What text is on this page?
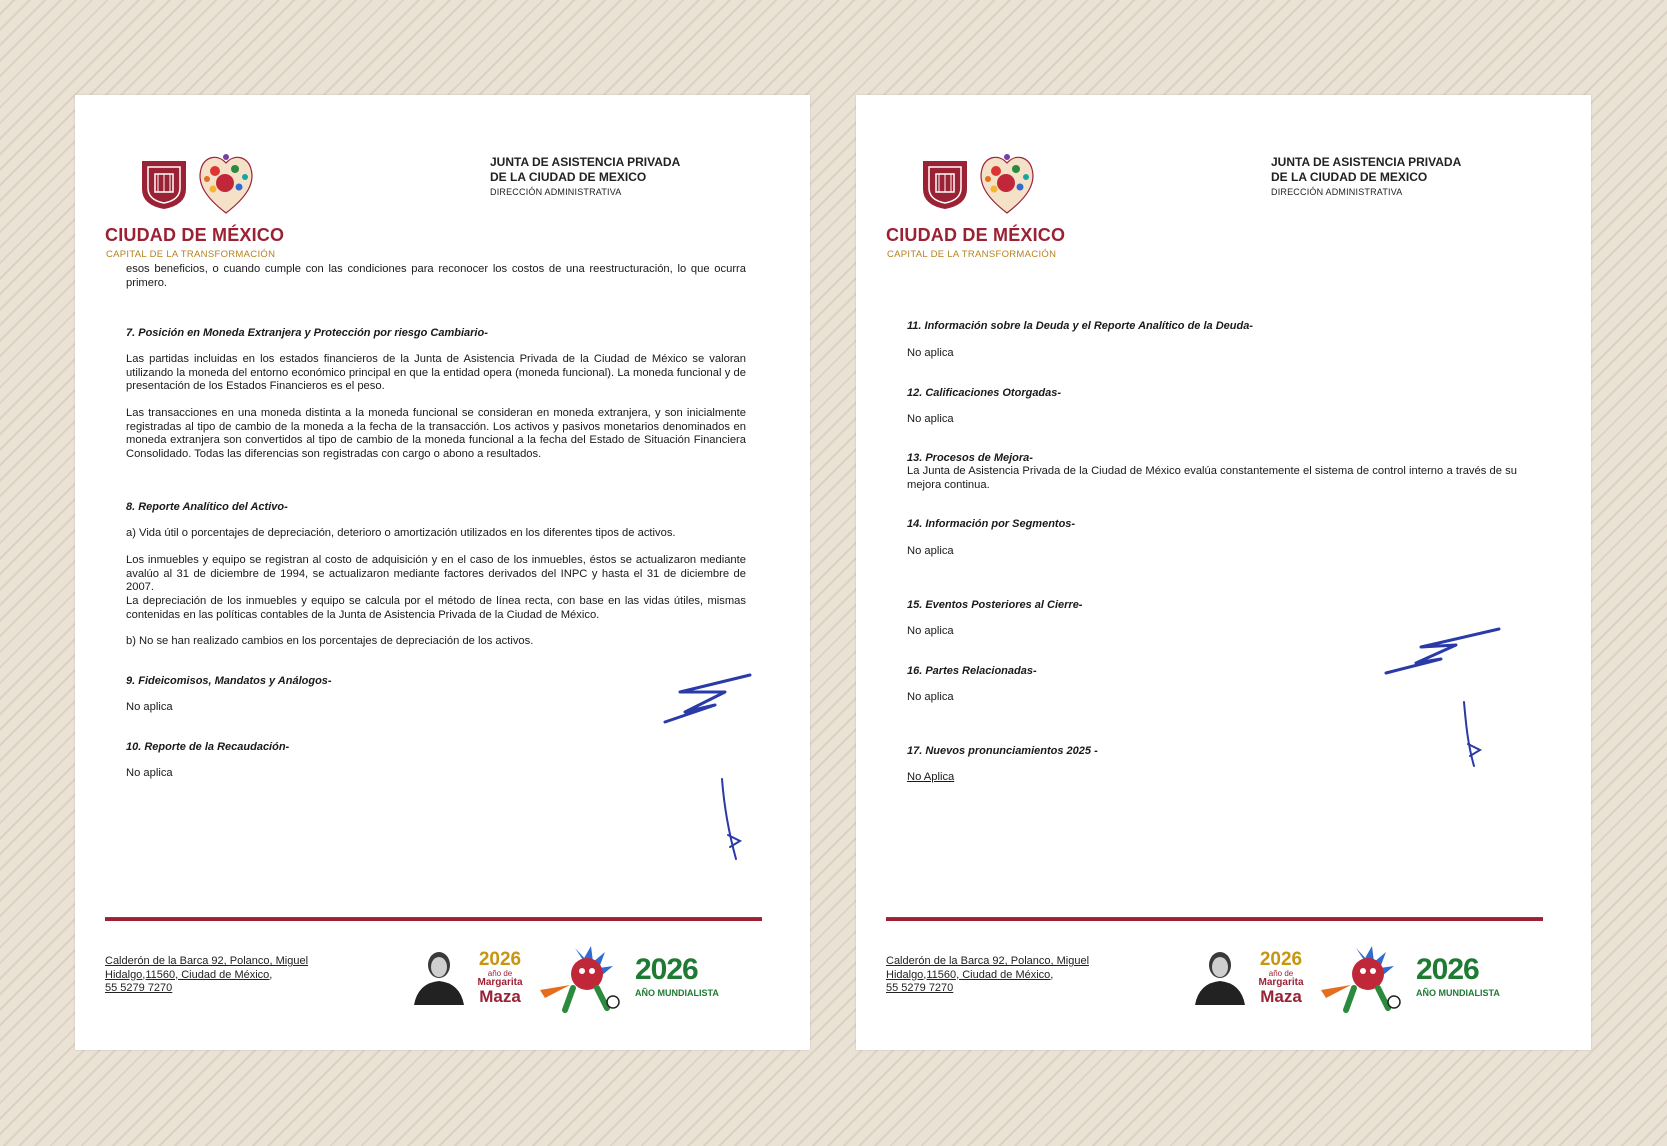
CIUDAD DE MÉXICO
CAPITAL DE LA TRANSFORMACIÓN
JUNTA DE ASISTENCIA PRIVADA
DE LA CIUDAD DE MEXICO
DIRECCIÓN ADMINISTRATIVA

esos beneficios, o cuando cumple con las condiciones para reconocer los costos de una reestructuración, lo que ocurra primero.

7. Posición en Moneda Extranjera y Protección por riesgo Cambiario-

Las partidas incluidas en los estados financieros de la Junta de Asistencia Privada de la Ciudad de México se valoran utilizando la moneda del entorno económico principal en que la entidad opera (moneda funcional). La moneda funcional y de presentación de los Estados Financieros es el peso.

Las transacciones en una moneda distinta a la moneda funcional se consideran en moneda extranjera, y son inicialmente registradas al tipo de cambio de la moneda a la fecha de la transacción. Los activos y pasivos monetarios denominados en moneda extranjera son convertidos al tipo de cambio de la moneda funcional a la fecha del Estado de Situación Financiera Consolidado. Todas las diferencias son registradas con cargo o abono a resultados.

8. Reporte Analítico del Activo-

a) Vida útil o porcentajes de depreciación, deterioro o amortización utilizados en los diferentes tipos de activos.

Los inmuebles y equipo se registran al costo de adquisición y en el caso de los inmuebles, éstos se actualizaron mediante avalúo al 31 de diciembre de 1994, se actualizaron mediante factores derivados del INPC y hasta el 31 de diciembre de 2007.

La depreciación de los inmuebles y equipo se calcula por el método de línea recta, con base en las vidas útiles, mismas contenidas en las políticas contables de la Junta de Asistencia Privada de la Ciudad de México.

b) No se han realizado cambios en los porcentajes de depreciación de los activos.

9. Fideicomisos, Mandatos y Análogos-

No aplica

10. Reporte de la Recaudación-

No aplica

Calderón de la Barca 92, Polanco, Miguel
Hidalgo,11560, Ciudad de México,
55 5279 7270
2026
año de
Margarita
Maza
2026
AÑO MUNDIALISTA
CIUDAD DE MÉXICO
CAPITAL DE LA TRANSFORMACIÓN
JUNTA DE ASISTENCIA PRIVADA
DE LA CIUDAD DE MEXICO
DIRECCIÓN ADMINISTRATIVA

11. Información sobre la Deuda y el Reporte Analítico de la Deuda-

No aplica

12. Calificaciones Otorgadas-

No aplica

13. Procesos de Mejora-

La Junta de Asistencia Privada de la Ciudad de México evalúa constantemente el sistema de control interno a través de su mejora continua.

14. Información por Segmentos-

No aplica

15. Eventos Posteriores al Cierre-

No aplica

16. Partes Relacionadas-

No aplica

17. Nuevos pronunciamientos 2025 -

No Aplica

Calderón de la Barca 92, Polanco, Miguel
Hidalgo,11560, Ciudad de México,
55 5279 7270
2026
año de
Margarita
Maza
2026
AÑO MUNDIALISTA
